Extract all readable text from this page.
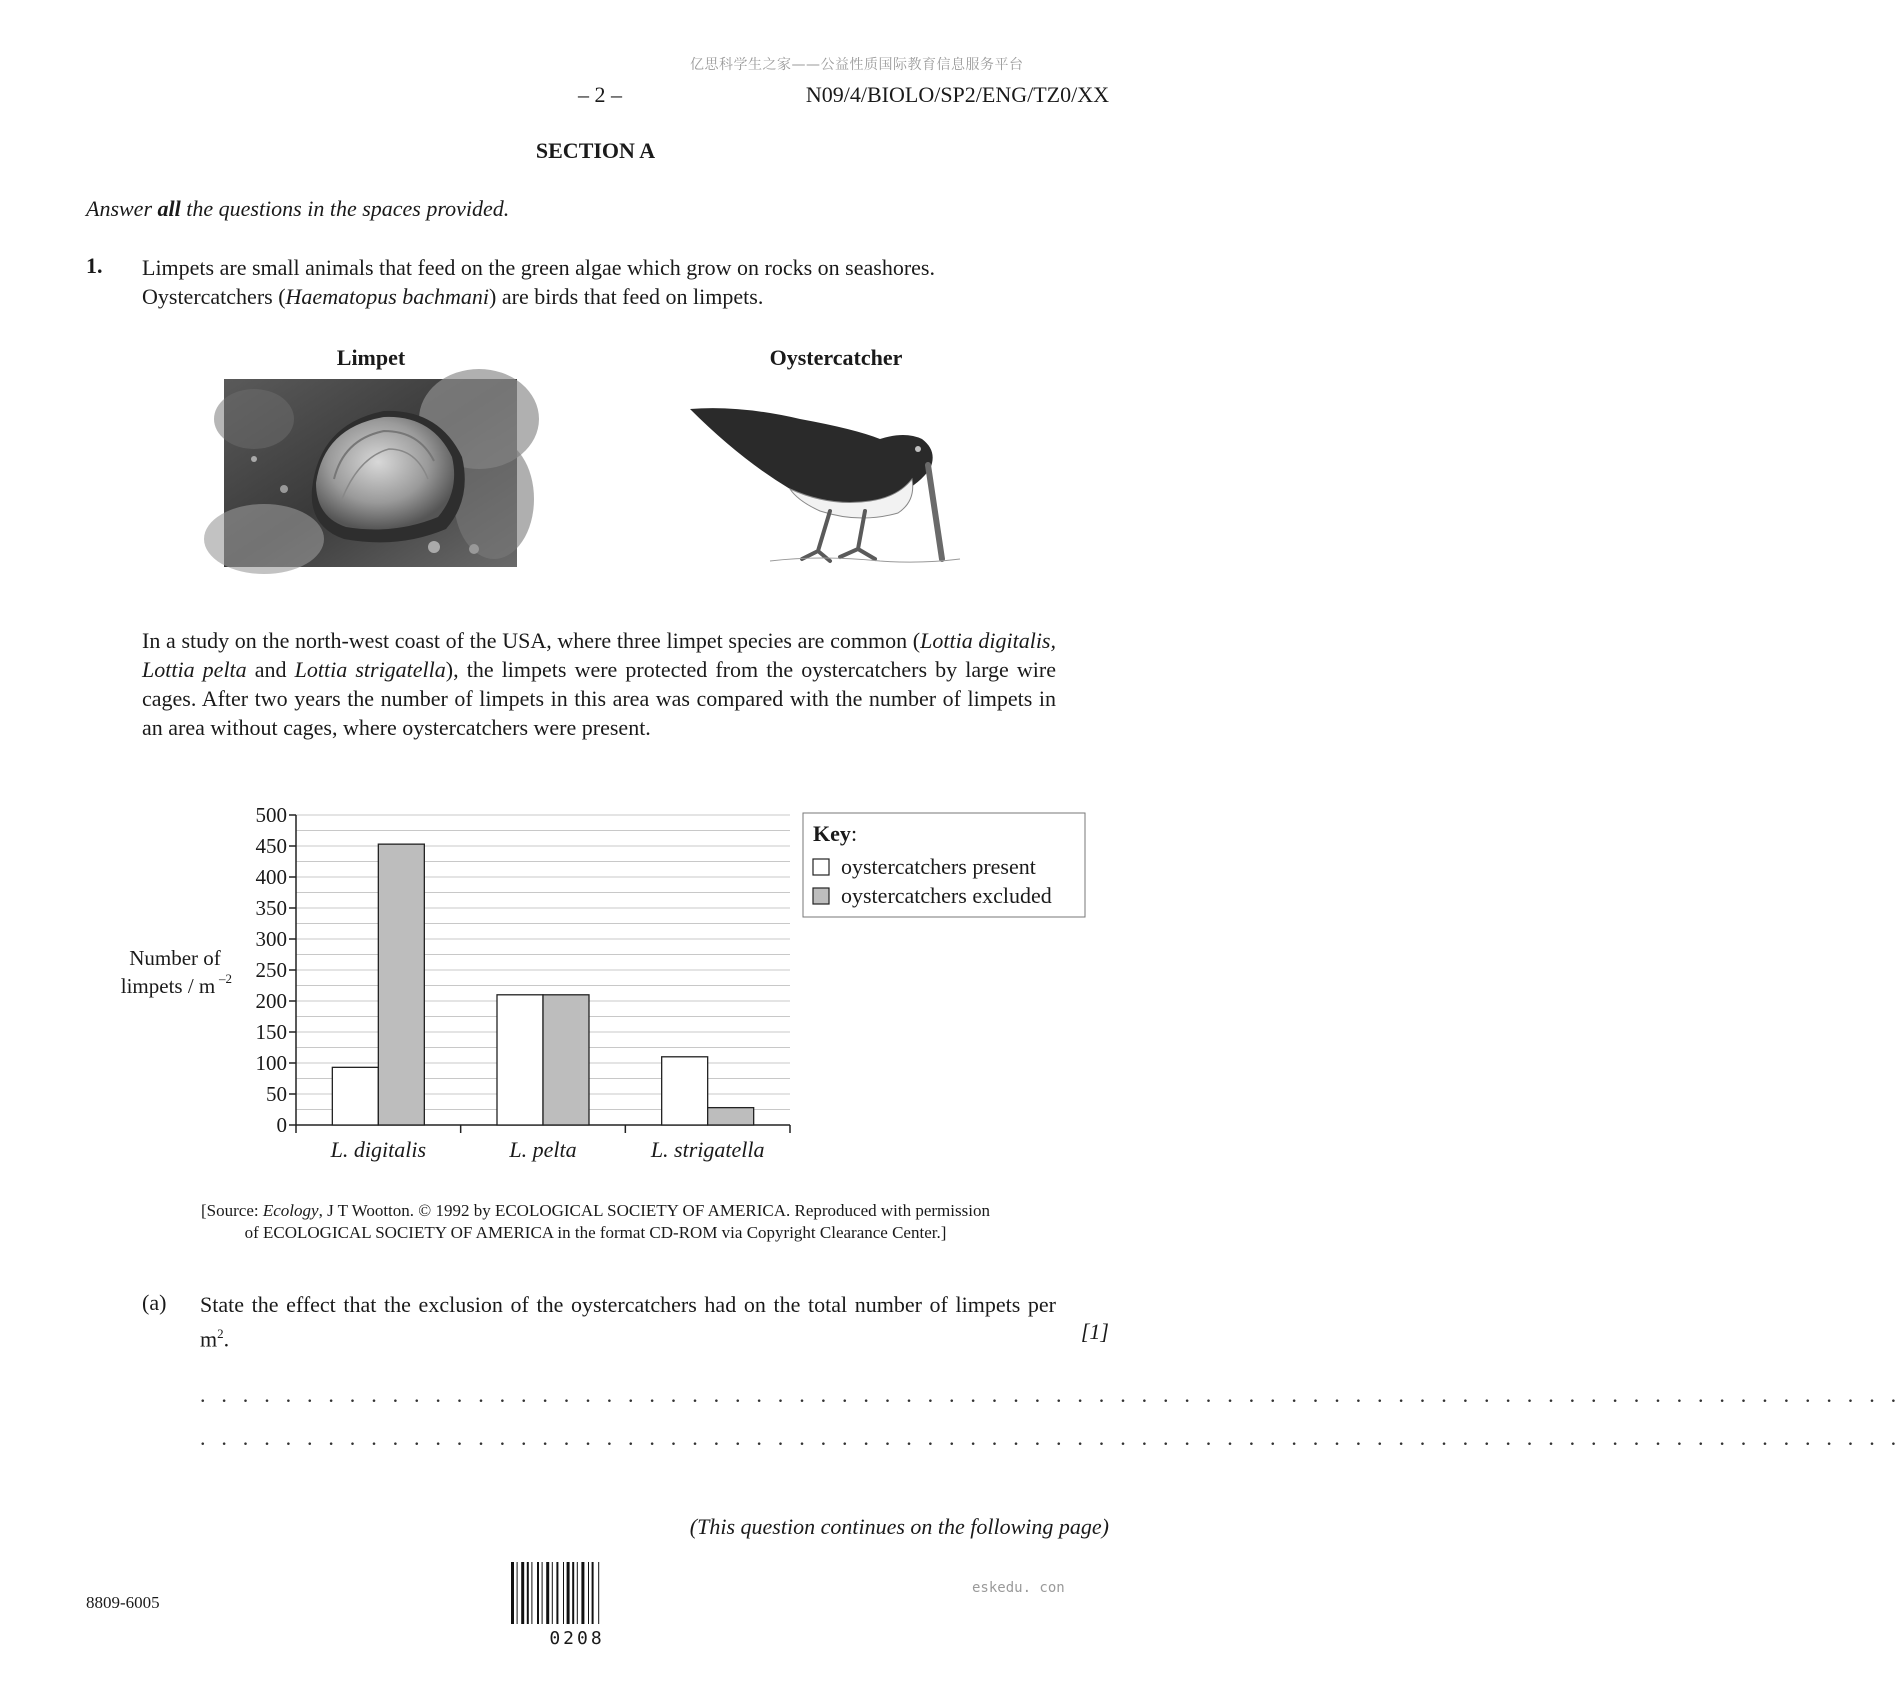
亿思科学生之家——公益性质国际教育信息服务平台
– 2 –	N09/4/BIOLO/SP2/ENG/TZ0/XX
SECTION A
Answer all the questions in the spaces provided.
1. Limpets are small animals that feed on the green algae which grow on rocks on seashores.
Oystercatchers (Haematopus bachmani) are birds that feed on limpets.
Limpet	Oystercatcher
In a study on the north-west coast of the USA, where three limpet species are common (Lottia digitalis, Lottia pelta and Lottia strigatella), the limpets were protected from the oystercatchers by large wire cages. After two years the number of limpets in this area was compared with the number of limpets in an area without cages, where oystercatchers were present.
0
50
100
150
200
250
300
350
400
450
500
Number of
limpets / m –2
L. digitalis	L. pelta	L. strigatella
Key :
oystercatchers present
oystercatchers excluded
[Source: Ecology, J T Wootton. © 1992 by ECOLOGICAL SOCIETY OF AMERICA. Reproduced with permission
of ECOLOGICAL SOCIETY OF AMERICA in the format CD-ROM via Copyright Clearance Center.]
(a) State the effect that the exclusion of the oystercatchers had on the total number of limpets per $m^2$.	[1]
. . . . . . . . . . . . . . . . . . . . . . . . . . . . . . . . . . . . . . . . . . . . . . . . . . . . . . . . . . . . . . . . . . . . . . . . . . . . . . . .
. . . . . . . . . . . . . . . . . . . . . . . . . . . . . . . . . . . . . . . . . . . . . . . . . . . . . . . . . . . . . . . . . . . . . . . . . . . . . . . .
(This question continues on the following page)
8809-6005
0208
eskedu. con
